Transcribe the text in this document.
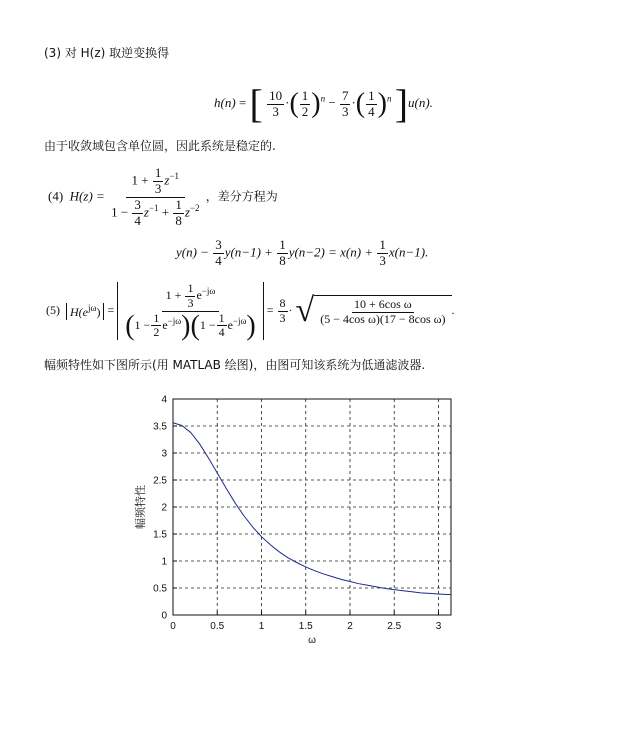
(3) 对 H(z) 取逆变换得
h(n) = [ $\frac{10}{3}$ ·( $\frac{1}{2} )^n - \frac{7}{3}$ ·( $\frac{1}{4} )^n$ ]u(n).
由于收敛域包含单位圆，因此系统是稳定的.
(4) $H(z) = \frac{1 + \frac{1}{3} z^{-1}}{1 - \frac{3}{4} z^{-1} + \frac{1}{8} z^{-2}}$ ，差分方程为
$y(n) - \frac{3}{4} y(n-1) + \frac{1}{8} y(n-2) = x(n) + \frac{1}{3} x(n-1)$.
(5) $H(e^{j\omega}) = \frac{1 + \frac{1}{3} e^{-j\omega}}{(1 - \frac{1}{2} e^{-j\omega})(1 - \frac{1}{4} e^{-j\omega})} = \frac{8}{3}$ · √ $\frac{\text{10 + 6cos ω}}{\text{(5 − 4cos ω)(17 − 8cos ω)}}$ .
幅频特性如下图所示(用 MATLAB 绘图)，由图可知该系统为低通滤波器.
0	0.5	1	1.5	2	2.5	3
0
0.5
1
1.5
2
2.5
3
3.5
4
ω
幅频特性
